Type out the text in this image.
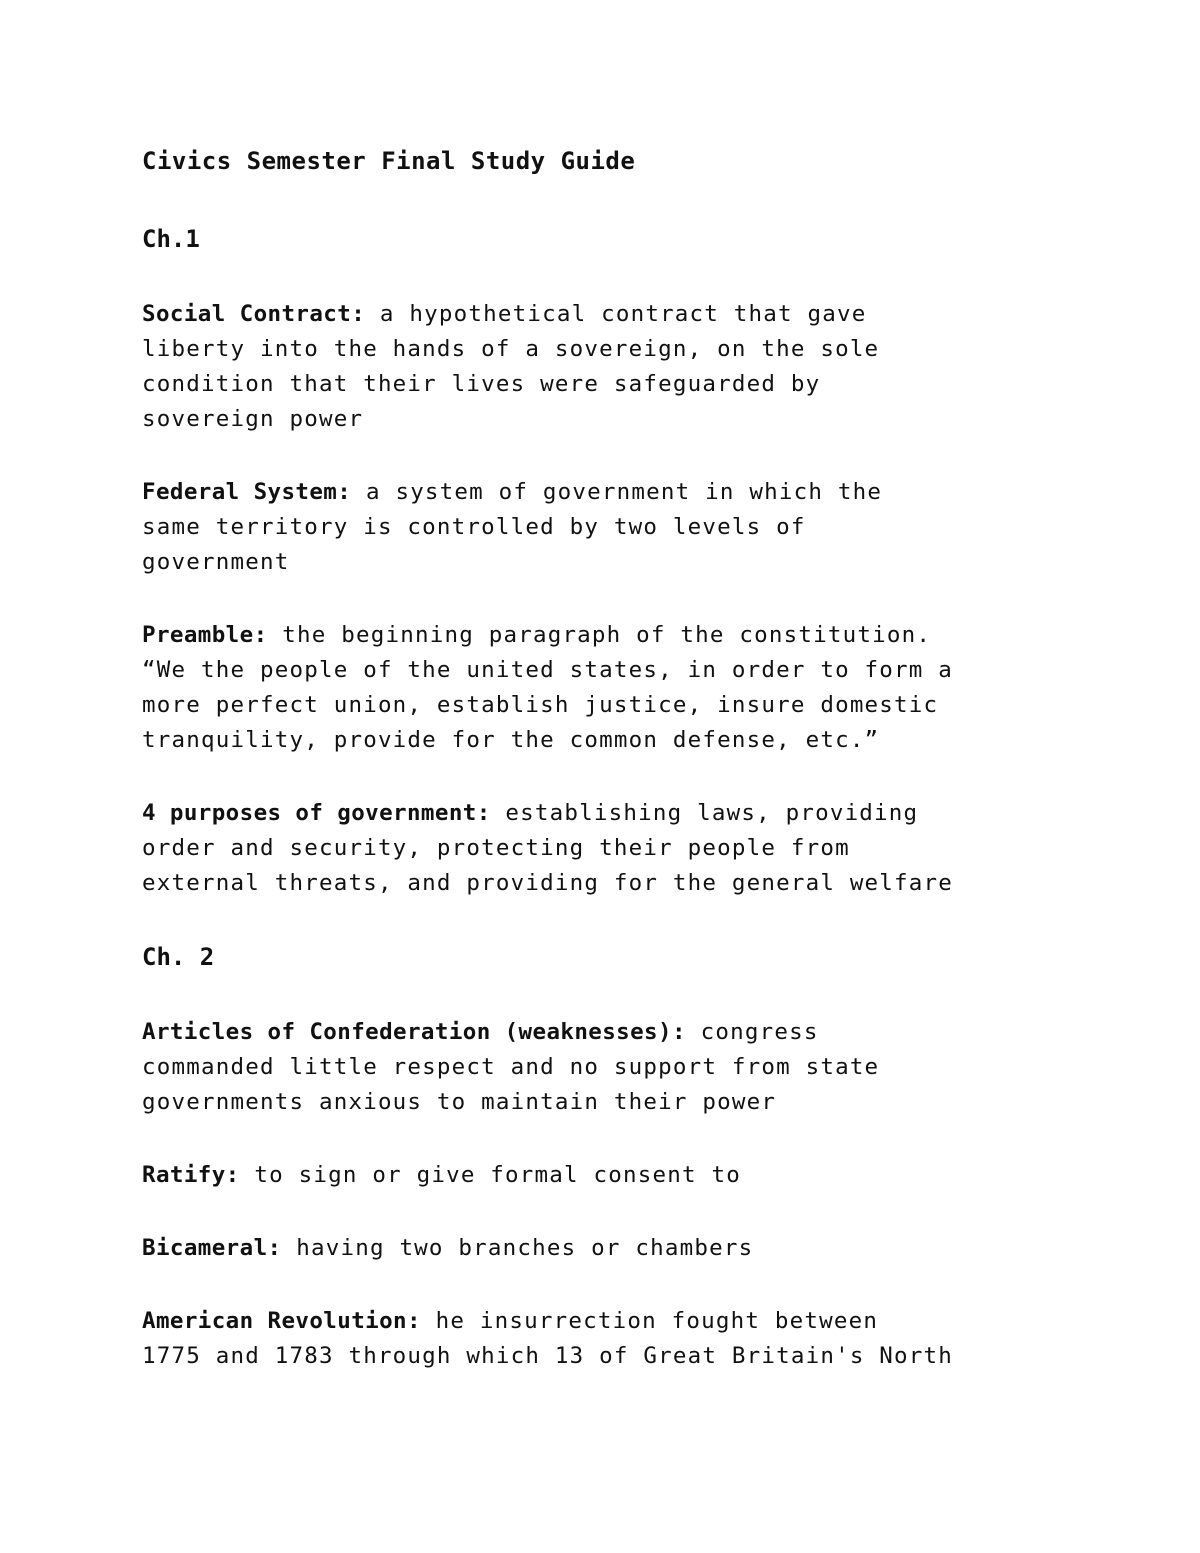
Civics Semester Final Study Guide
Ch.1
Social Contract: a hypothetical contract that gave
liberty into the hands of a sovereign, on the sole
condition that their lives were safeguarded by
sovereign power
Federal System: a system of government in which the
same territory is controlled by two levels of
government
Preamble: the beginning paragraph of the constitution.
“We the people of the united states, in order to form a
more perfect union, establish justice, insure domestic
tranquility, provide for the common defense, etc.”
4 purposes of government: establishing laws, providing
order and security, protecting their people from
external threats, and providing for the general welfare
Ch. 2
Articles of Confederation (weaknesses): congress
commanded little respect and no support from state
governments anxious to maintain their power
Ratify: to sign or give formal consent to
Bicameral: having two branches or chambers
American Revolution: he insurrection fought between
1775 and 1783 through which 13 of Great Britain's North
